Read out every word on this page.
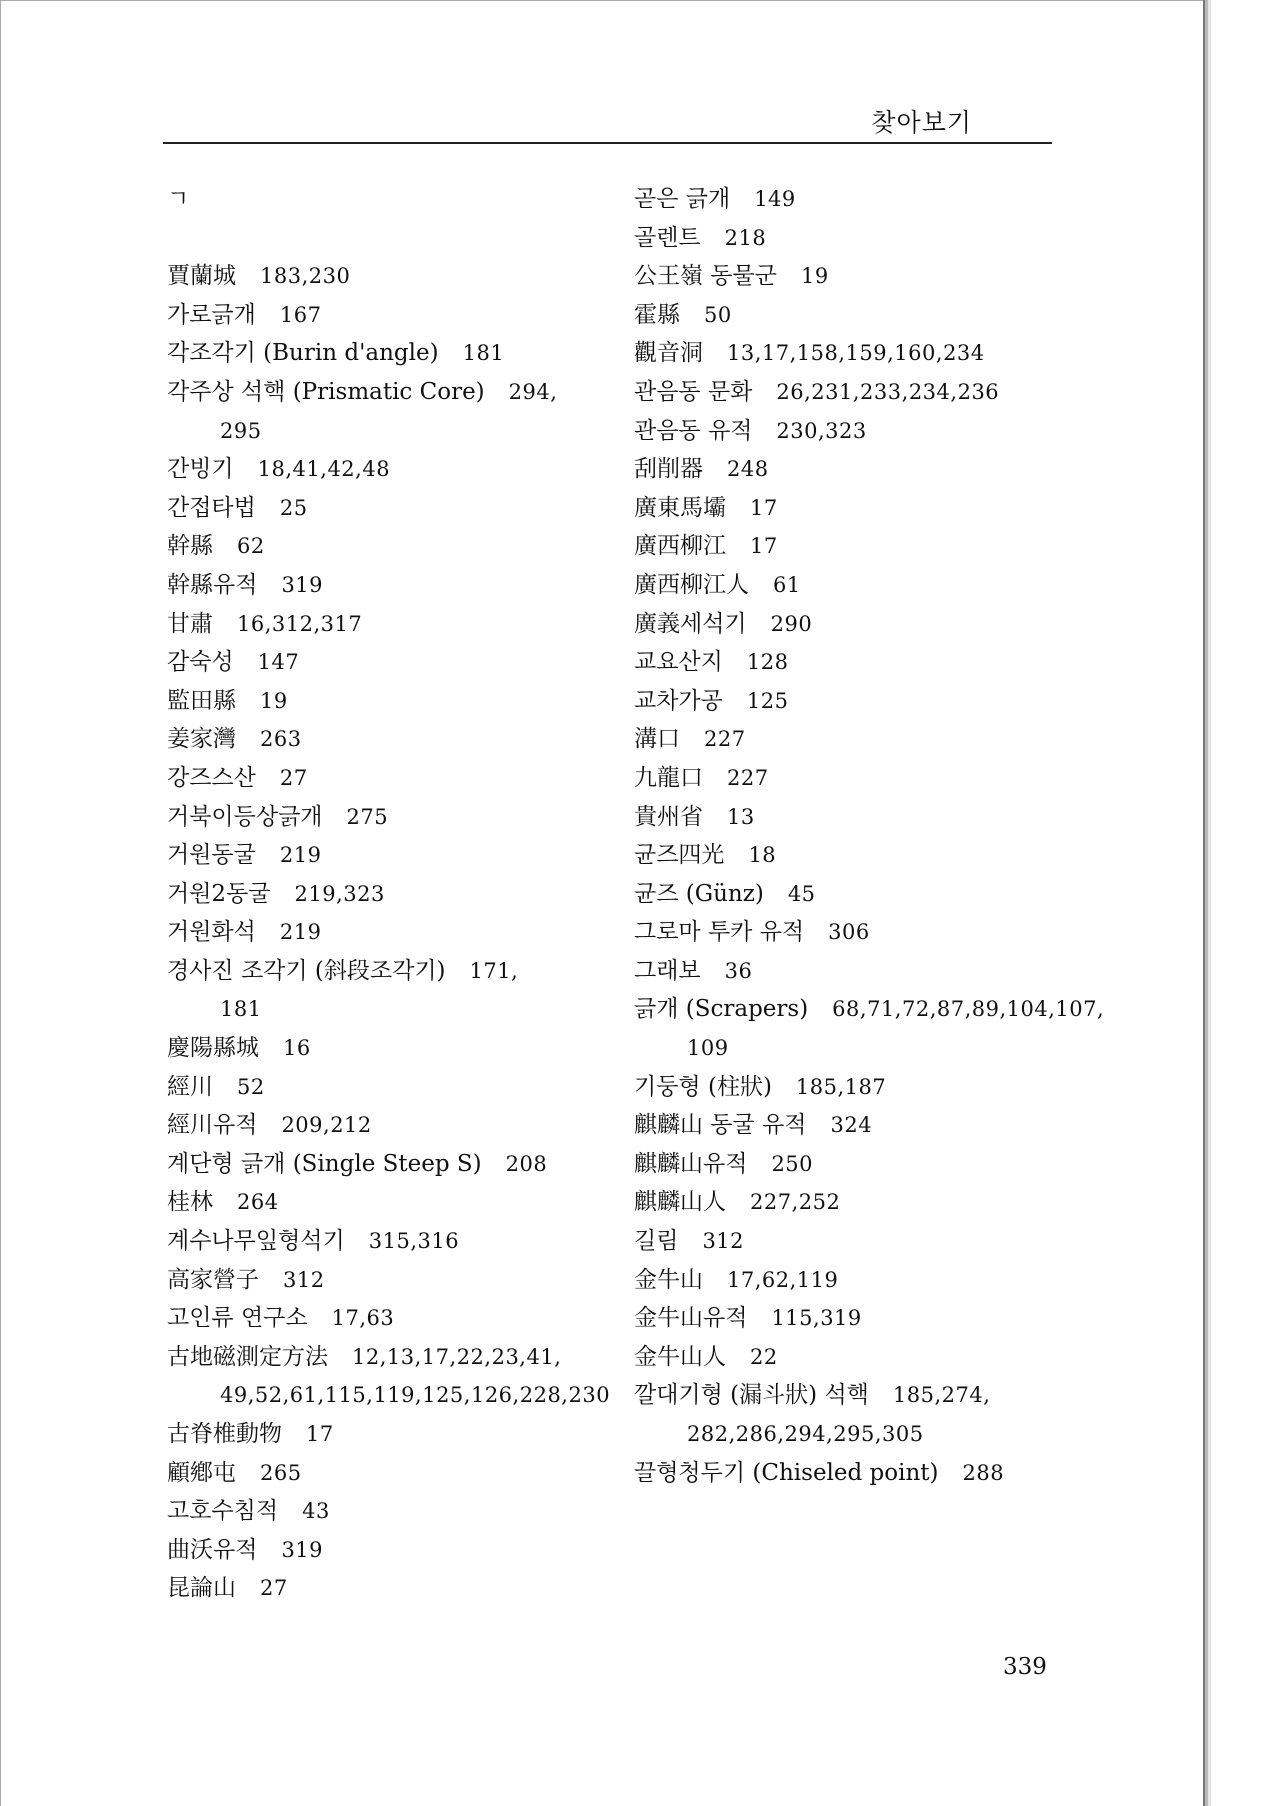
찾아보기
ㄱ
賈蘭城 183,230
가로긁개 167
각조각기 (Burin d'angle) 181
각주상 석핵 (Prismatic Core) 294,
295
간빙기 18,41,42,48
간접타법 25
幹縣 62
幹縣유적 319
甘肅 16,312,317
감숙성 147
監田縣 19
姜家灣 263
강즈스산 27
거북이등상긁개 275
거원동굴 219
거원2동굴 219,323
거원화석 219
경사진 조각기 (斜段조각기) 171,
181
慶陽縣城 16
經川 52
經川유적 209,212
계단형 긁개 (Single Steep S) 208
桂林 264
계수나무잎형석기 315,316
高家營子 312
고인류 연구소 17,63
古地磁測定方法 12,13,17,22,23,41,
49,52,61,115,119,125,126,228,230
古脊椎動物 17
顧鄕屯 265
고호수침적 43
曲沃유적 319
昆論山 27
곧은 긁개 149
골렌트 218
公王嶺 동물군 19
霍縣 50
觀音洞 13,17,158,159,160,234
관음동 문화 26,231,233,234,236
관음동 유적 230,323
刮削器 248
廣東馬壩 17
廣西柳江 17
廣西柳江人 61
廣義세석기 290
교요산지 128
교차가공 125
溝口 227
九龍口 227
貴州省 13
균즈四光 18
균즈 (Günz) 45
그로마 투카 유적 306
그래보 36
긁개 (Scrapers) 68,71,72,87,89,104,107,
109
기둥형 (柱狀) 185,187
麒麟山 동굴 유적 324
麒麟山유적 250
麒麟山人 227,252
길림 312
金牛山 17,62,119
金牛山유적 115,319
金牛山人 22
깔대기형 (漏斗狀) 석핵 185,274,
282,286,294,295,305
끌형청두기 (Chiseled point) 288
339
